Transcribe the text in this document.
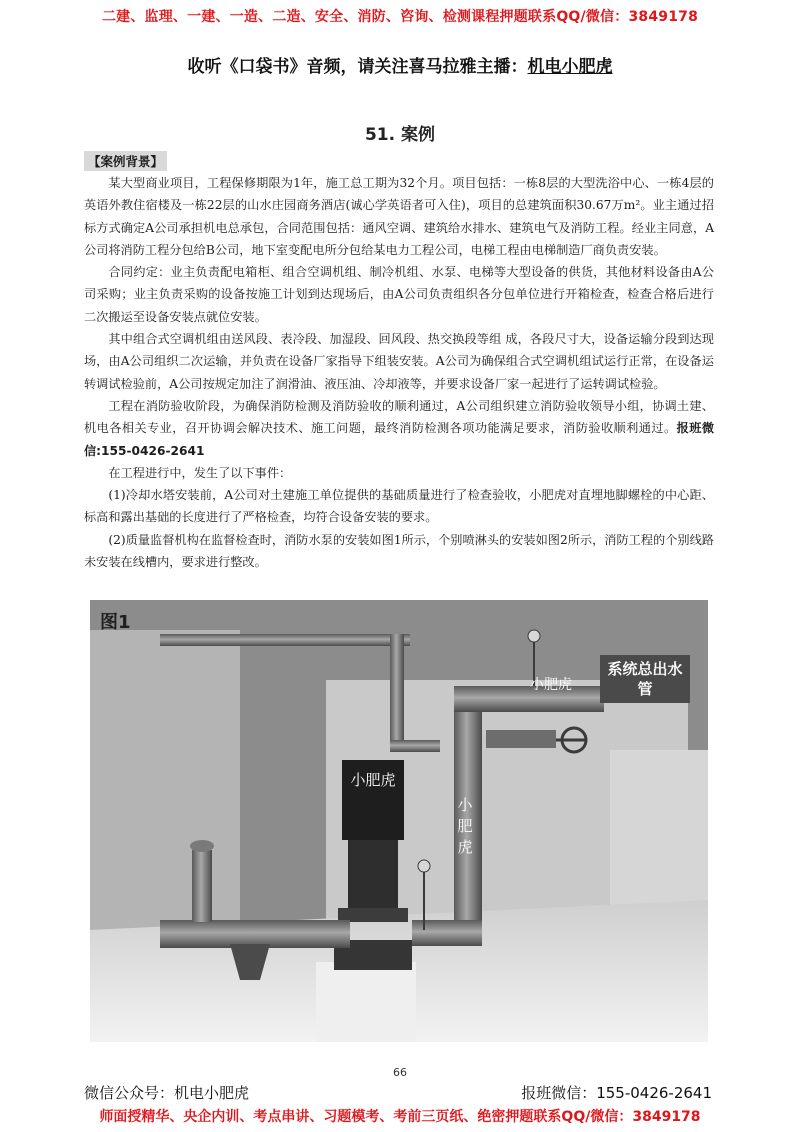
二建、监理、一建、一造、二造、安全、消防、咨询、检测课程押题联系QQ/微信：3849178
收听《口袋书》音频，请关注喜马拉雅主播：机电小肥虎
51. 案例
【案例背景】

某大型商业项目，工程保修期限为1年，施工总工期为32个月。项目包括：一栋8层的大型洗浴中心、一栋4层的英语外教住宿楼及一栋22层的山水庄园商务酒店(诚心学英语者可入住)，项目的总建筑面积30.67万m²。业主通过招标方式确定A公司承担机电总承包，合同范围包括：通风空调、建筑给水排水、建筑电气及消防工程。经业主同意，A公司将消防工程分包给B公司，地下室变配电所分包给某电力工程公司，电梯工程由电梯制造厂商负责安装。

合同约定：业主负责配电箱柜、组合空调机组、制冷机组、水泵、电梯等大型设备的供货，其他材料设备由A公司采购；业主负责采购的设备按施工计划到达现场后，由A公司负责组织各分包单位进行开箱检查，检查合格后进行二次搬运至设备安装点就位安装。

其中组合式空调机组由送风段、表冷段、加湿段、回风段、热交换段等组 成，各段尺寸大，设备运输分段到达现场，由A公司组织二次运输，并负责在设备厂家指导下组装安装。A公司为确保组合式空调机组试运行正常，在设备运转调试检验前，A公司按规定加注了润滑油、液压油、冷却液等，并要求设备厂家一起进行了运转调试检验。

工程在消防验收阶段，为确保消防检测及消防验收的顺利通过，A公司组织建立消防验收领导小组，协调土建、机电各相关专业，召开协调会解决技术、施工问题，最终消防检测各项功能满足要求，消防验收顺利通过。报班微信:155-0426-2641

在工程进行中，发生了以下事件：

(1)冷却水塔安装前，A公司对土建施工单位提供的基础质量进行了检查验收，小肥虎对直埋地脚螺栓的中心距、标高和露出基础的长度进行了严格检查，均符合设备安装的要求。

(2)质量监督机构在监督检查时，消防水泵的安装如图1所示，个别喷淋头的安装如图2所示，消防工程的个别线路未安装在线槽内，要求进行整改。

图1
系统总出水管
小肥虎
小肥虎
小肥虎
66
微信公众号：机电小肥虎	报班微信：155-0426-2641
师面授精华、央企内训、考点串讲、习题模考、考前三页纸、绝密押题联系QQ/微信：3849178
